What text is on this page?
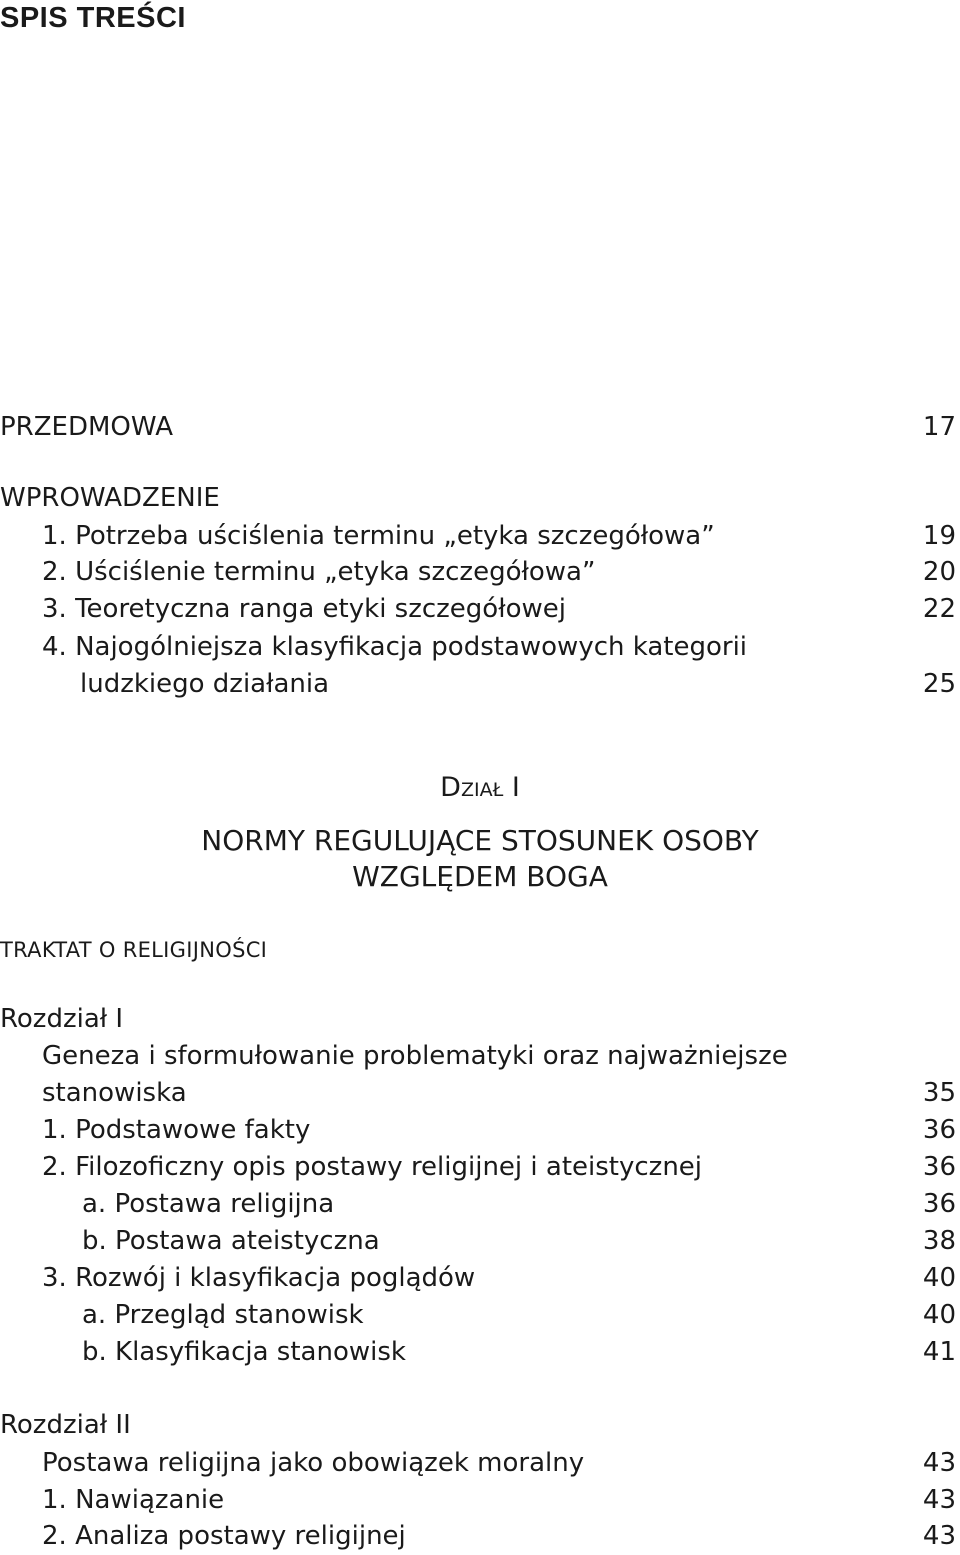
SPIS TREŚCI
PRZEDMOWA	17
WPROWADZENIE
1. Potrzeba uściślenia terminu „etyka szczegółowa”	19
2. Uściślenie terminu „etyka szczegółowa”	20
3. Teoretyczna ranga etyki szczegółowej	22
4. Najogólniejsza klasyfikacja podstawowych kategorii
ludzkiego działania	25
Dział I
NORMY REGULUJĄCE STOSUNEK OSOBY
WZGLĘDEM BOGA
TRAKTAT O RELIGIJNOŚCI
Rozdział I
Geneza i sformułowanie problematyki oraz najważniejsze
stanowiska	35
1. Podstawowe fakty	36
2. Filozoficzny opis postawy religijnej i ateistycznej	36
a. Postawa religijna	36
b. Postawa ateistyczna	38
3. Rozwój i klasyfikacja poglądów	40
a. Przegląd stanowisk	40
b. Klasyfikacja stanowisk	41
Rozdział II
Postawa religijna jako obowiązek moralny	43
1. Nawiązanie	43
2. Analiza postawy religijnej	43
